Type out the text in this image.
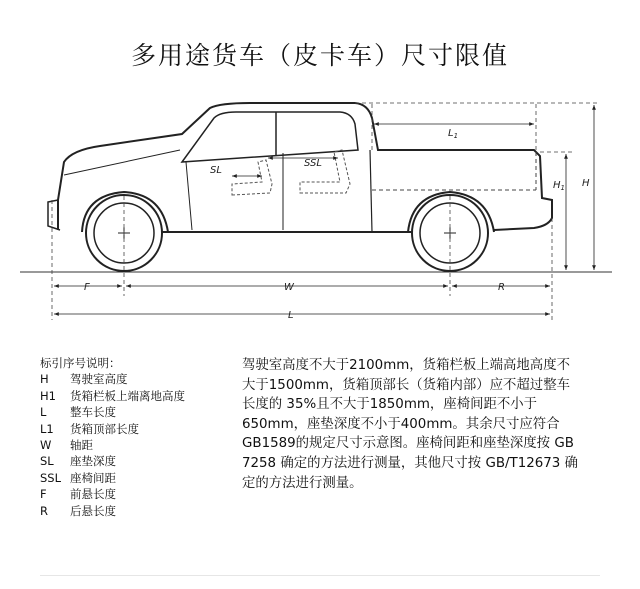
多用途货车（皮卡车）尺寸限值
SL
SSL
$L_1$
$H_1$ H
F	W	R
L
标引序号说明：
H	驾驶室高度
H1	货箱栏板上端离地高度
L	整车长度
L1	货箱顶部长度
W	轴距
SL	座垫深度
SSL 座椅间距
F	前悬长度
R	后悬长度
驾驶室高度不大于2100mm，货箱栏板上端高地高度不大于1500mm，货箱顶部长（货箱内部）应不超过整车长度的 35%且不大于1850mm，座椅间距不小于650mm，座垫深度不小于400mm。其余尺寸应符合GB1589的规定尺寸示意图。座椅间距和座垫深度按 GB 7258 确定的方法进行测量，其他尺寸按 GB/T12673 确定的方法进行测量。
